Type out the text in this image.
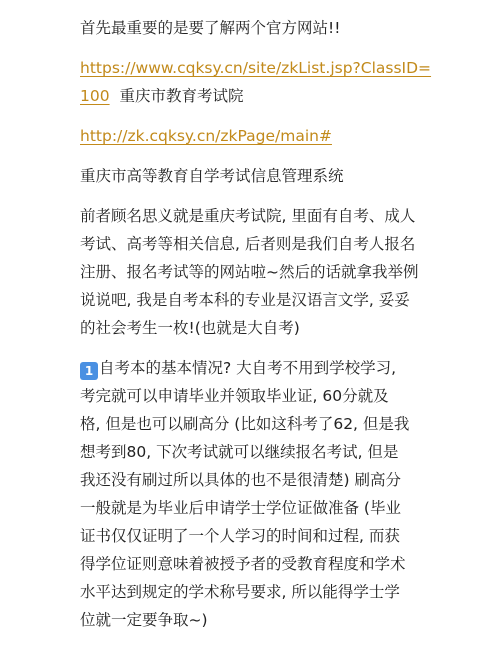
首先最重要的是要了解两个官方网站!!

https://www.cqksy.cn/site/zkList.jsp?ClassID=
100 重庆市教育考试院

http://zk.cqksy.cn/zkPage/main#

重庆市高等教育自学考试信息管理系统

前者顾名思义就是重庆考试院, 里面有自考、成人

考试、高考等相关信息, 后者则是我们自考人报名

注册、报名考试等的网站啦~然后的话就拿我举例

说说吧, 我是自考本科的专业是汉语言文学, 妥妥

的社会考生一枚!(也就是大自考)

1 自考本的基本情况? 大自考不用到学校学习,

考完就可以申请毕业并领取毕业证, 60分就及

格, 但是也可以刷高分 (比如这科考了62, 但是我

想考到80, 下次考试就可以继续报名考试, 但是

我还没有刷过所以具体的也不是很清楚) 刷高分

一般就是为毕业后申请学士学位证做准备 (毕业

证书仅仅证明了一个人学习的时间和过程, 而获

得学位证则意味着被授予者的受教育程度和学术

水平达到规定的学术称号要求, 所以能得学士学

位就一定要争取~)
